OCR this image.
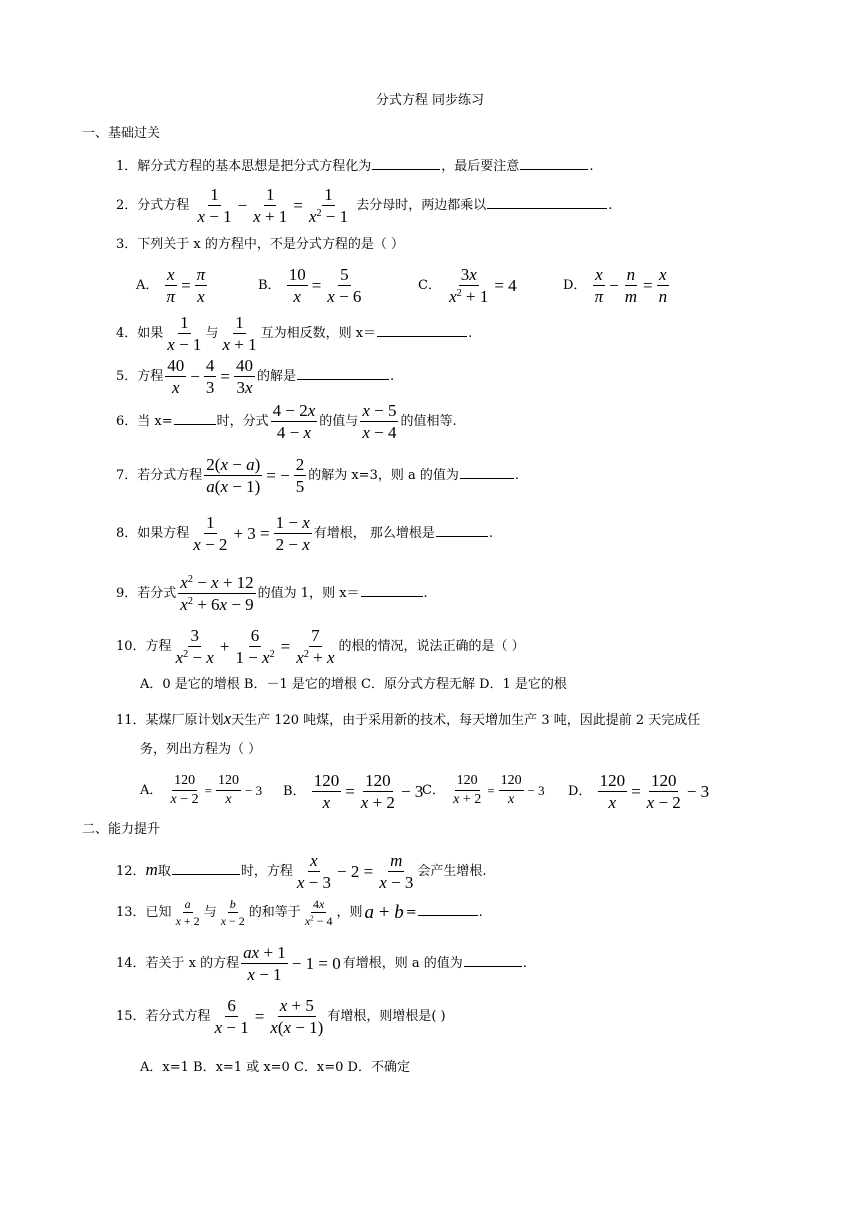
分式方程 同步练习
一、基础过关
1．解分式方程的基本思想是把分式方程化为	，最后要注意	.
2．分式方程 $\frac{1}{x - 1} - \frac{1}{x + 1} = \frac{1}{x^2 - 1}$ 去分母时，两边都乘以	.
3．下列关于 x 的方程中，不是分式方程的是（ ）
A． $\frac{x}{\pi} = \frac{\pi}{x}$	B． $\frac{10}{x} = \frac{5}{x - 6}$	C． $\frac{3x}{x^2 + 1} = 4$	D． $\frac{x}{\pi} - \frac{n}{m} = \frac{x}{n}$
4．如果 $\frac{1}{x - 1}$ 与 $\frac{1}{x + 1}$ 互为相反数，则 x＝	.
5．方程 $\frac{40}{x} - \frac{4}{3} = \frac{40}{3x}$ 的解是	.
6．当 x=	时，分式 $\frac{4 - 2x}{4 - x}$ 的值与 $\frac{x - 5}{x - 4}$ 的值相等.
7．若分式方程 $\frac{2(x - a)}{a(x - 1)}$ = − $\frac{2}{5}$ 的解为 x=3，则 a 的值为	.
8．如果方程 $\frac{1}{x - 2} + 3 = \frac{1 - x}{2 - x}$ 有增根， 那么增根是	.
9．若分式 $\frac{x^2 - x + 12}{x^2 + 6x - 9}$ 的值为 1，则 x＝	.
10．方程 $\frac{3}{x^2 - x} + \frac{6}{1 - x^2} = \frac{7}{x^2 + x}$ 的根的情况，说法正确的是（ ）
A．0 是它的增根 B．－1 是它的增根 C．原分式方程无解 D．1 是它的根
11．某煤厂原计划x天生产 120 吨煤，由于采用新的技术，每天增加生产 3 吨，因此提前 2 天完成任
务，列出方程为（ ）
A． $\frac{120}{x - 2} = \frac{120}{x} - 3$ B． $\frac{120}{x} = \frac{120}{x + 2} - 3$
C． $\frac{120}{x + 2} = \frac{120}{x} - 3$ D． $\frac{120}{x} = \frac{120}{x - 2} - 3$
二、能力提升
12．m取	时，方程 $\frac{x}{x - 3} - 2 = \frac{m}{x - 3}$ 会产生增根.
13．已知 $\frac{a}{x + 2}$ 与 $\frac{b}{x - 2}$ 的和等于 $\frac{4x}{x^2 - 4}$ ，则 a + b =	.
14．若关于 x 的方程 $\frac{ax + 1}{x - 1} - 1 = 0$ 有增根，则 a 的值为	.
15．若分式方程 $\frac{6}{x - 1} = \frac{x + 5}{x(x - 1)}$ 有增根，则增根是( )
A．x=1 B．x=1 或 x=0 C．x=0 D．不确定
